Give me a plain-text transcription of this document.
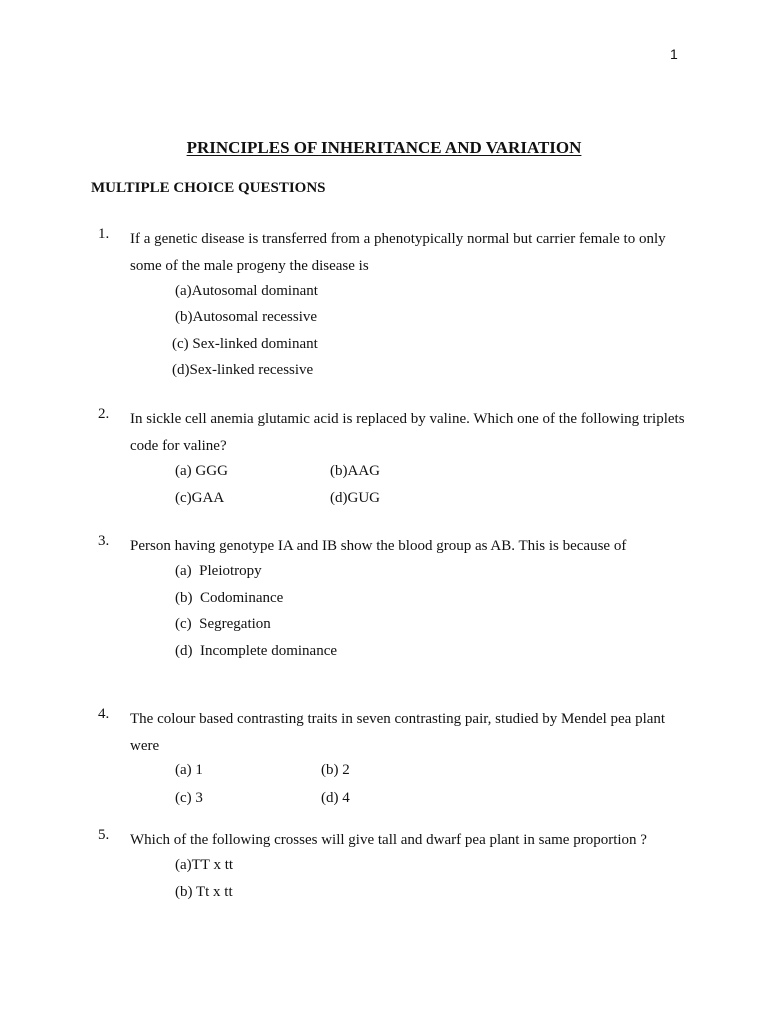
1
PRINCIPLES OF INHERITANCE AND VARIATION
MULTIPLE CHOICE QUESTIONS
1. If a genetic disease is transferred from a phenotypically normal but carrier female to only some of the male progeny the disease is
(a)Autosomal dominant
(b)Autosomal recessive
(c) Sex-linked dominant
(d)Sex-linked recessive
2. In sickle cell anemia glutamic acid is replaced by valine. Which one of the following triplets code for valine?
(a) GGG	(b)AAG
(c)GAA	(d)GUG
3. Person having genotype IA and IB show the blood group as AB. This is because of
(a)  Pleiotropy
(b)  Codominance
(c)  Segregation
(d)  Incomplete dominance
4. The colour based contrasting traits in seven contrasting pair, studied by Mendel pea plant were
(a) 1	(b) 2
(c) 3	(d) 4
5. Which of the following crosses will give tall and dwarf pea plant in same proportion ?
(a)TT x tt
(b) Tt x tt
